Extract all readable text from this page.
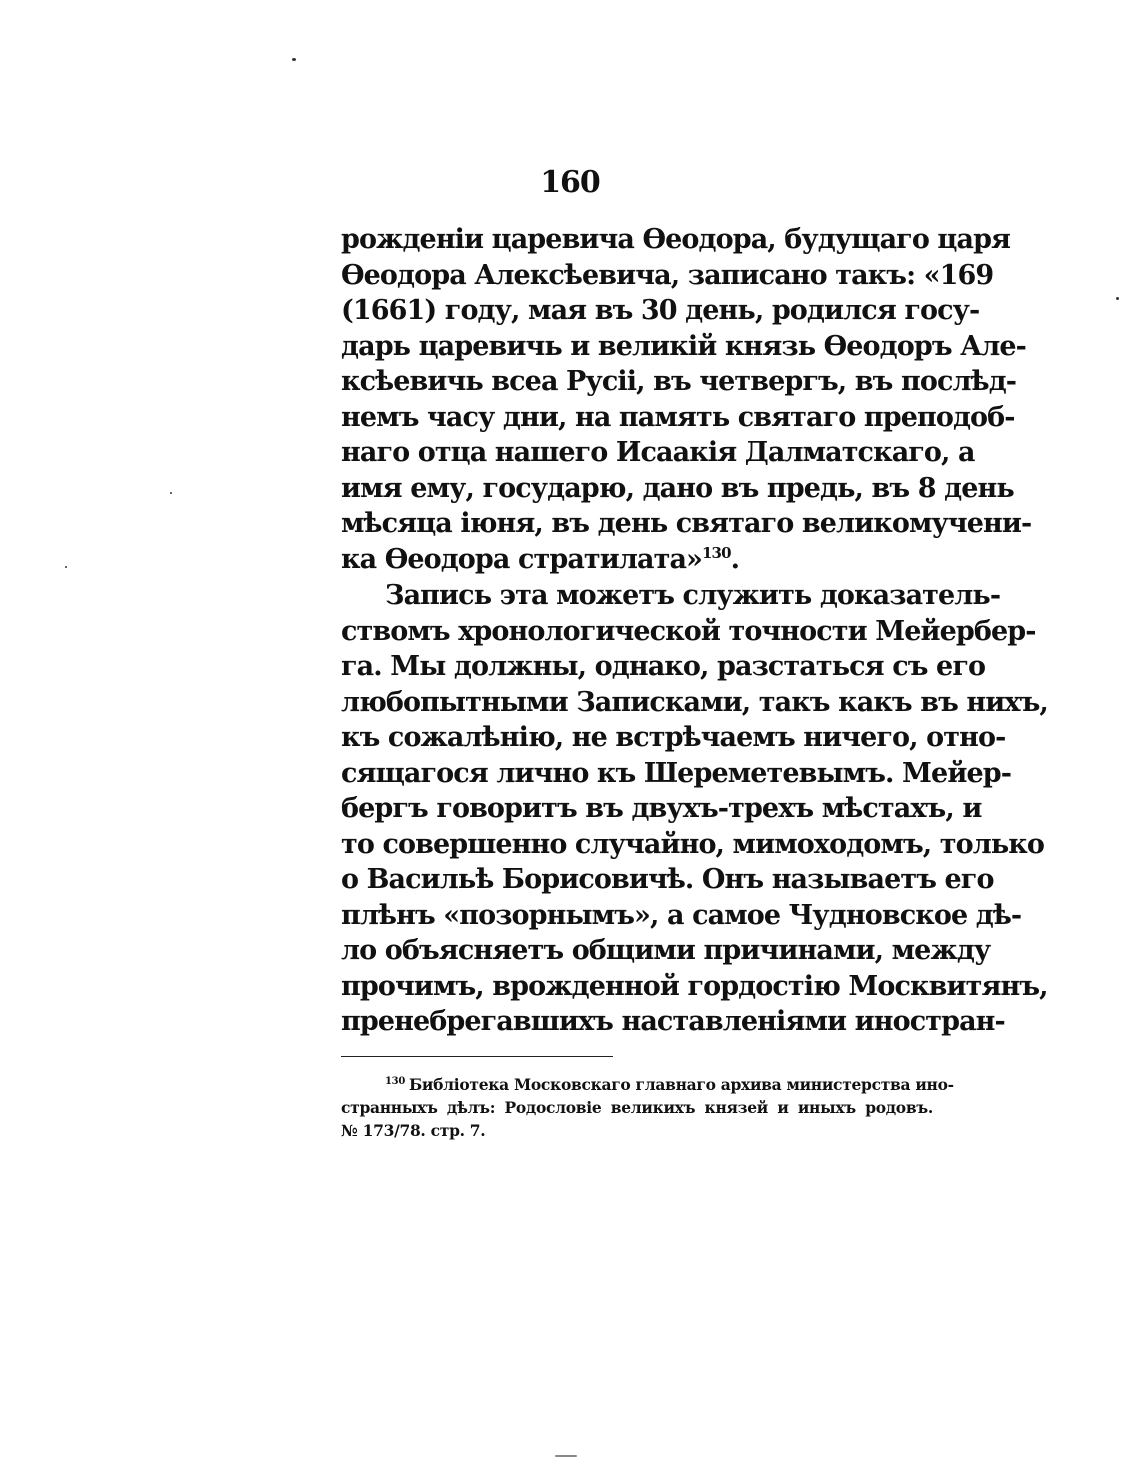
160
рожденіи царевича Өеодора, будущаго царя
Өеодора Алексѣевича, записано такъ: «169
(1661) году, мая въ 30 день, родился госу-
дарь царевичь и великій князь Өеодоръ Але-
ксѣевичь всеа Русіі, въ четвергъ, въ послѣд-
немъ часу дни, на память святаго преподоб-
наго отца нашего Исаакія Далматскаго, а
имя ему, государю, дано въ предь, въ 8 день
мѣсяца іюня, въ день святаго великомучени-
ка Өеодора стратилата»$^{130}$.
Запись эта можетъ служить доказатель-
ствомъ хронологической точности Мейербер-
га. Мы должны, однако, разстаться съ его
любопытными Записками, такъ какъ въ нихъ,
къ сожалѣнію, не встрѣчаемъ ничего, отно-
сящагося лично къ Шереметевымъ. Мейер-
бергъ говоритъ въ двухъ-трехъ мѣстахъ, и
то совершенно случайно, мимоходомъ, только
о Васильѣ Борисовичѣ. Онъ называетъ его
плѣнъ «позорнымъ», а самое Чудновское дѣ-
ло объясняетъ общими причинами, между
прочимъ, врожденной гордостію Москвитянъ,
пренебрегавшихъ наставленіями иностран-
$^{130}$ Библіотека Московскаго главнаго архива министерства ино-
странныхъ дѣлъ: Родословіе великихъ князей и иныхъ родовъ.
№ 173/78. стр. 7.
